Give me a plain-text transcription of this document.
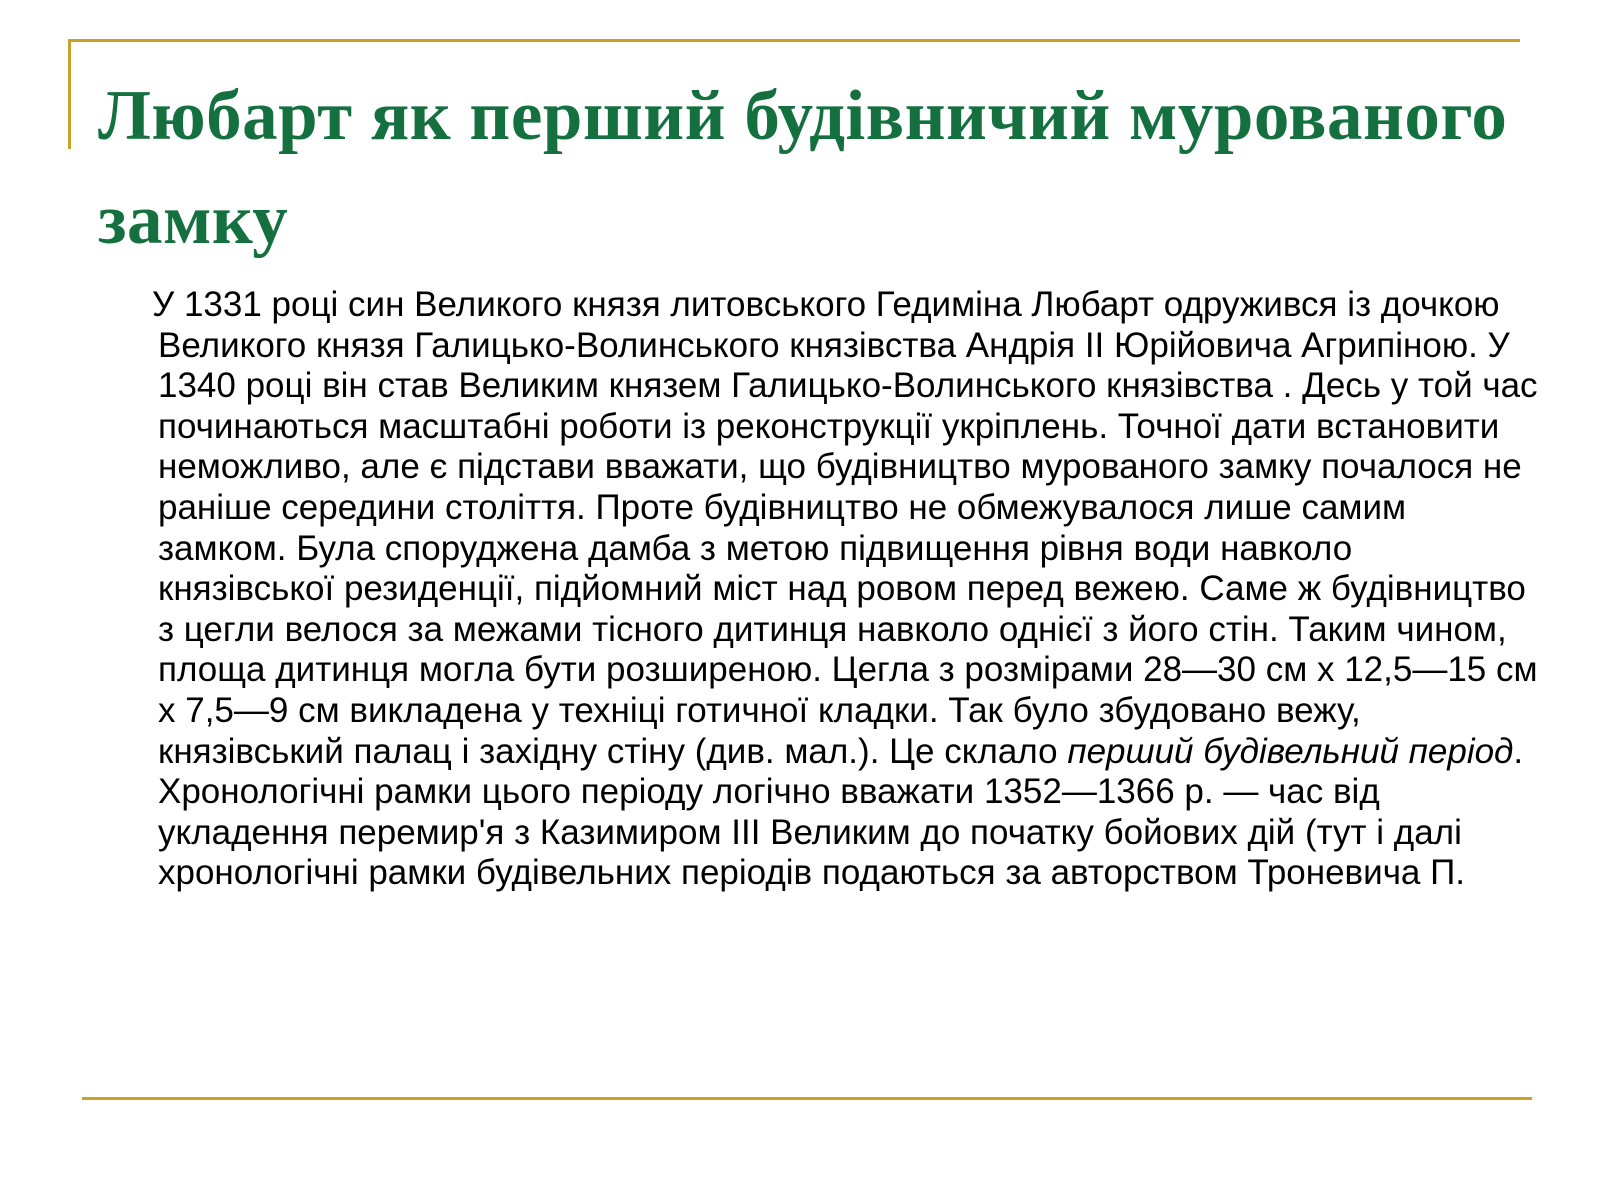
Любарт як перший будівничий мурованого замку

У 1331 році син Великого князя литовського Гедиміна Любарт одружився із дочкою Великого князя Галицько-Волинського князівства Андрія II Юрійовича Агрипіною. У 1340 році він став Великим князем Галицько-Волинського князівства . Десь у той час починаються масштабні роботи із реконструкції укріплень. Точної дати встановити неможливо, але є підстави вважати, що будівництво мурованого замку почалося не раніше середини століття. Проте будівництво не обмежувалося лише самим замком. Була споруджена дамба з метою підвищення рівня води навколо князівської резиденції, підйомний міст над ровом перед вежею. Саме ж будівництво з цегли велося за межами тісного дитинця навколо однієї з його стін. Таким чином, площа дитинця могла бути розширеною. Цегла з розмірами 28—30 см x 12,5—15 см x 7,5—9 см викладена у техніці готичної кладки. Так було збудовано вежу, князівський палац і західну стіну (див. мал.). Це склало перший будівельний період. Хронологічні рамки цього періоду логічно вважати 1352—1366 р. — час від укладення перемир'я з Казимиром III Великим до початку бойових дій (тут і далі хронологічні рамки будівельних періодів подаються за авторством Троневича П.
